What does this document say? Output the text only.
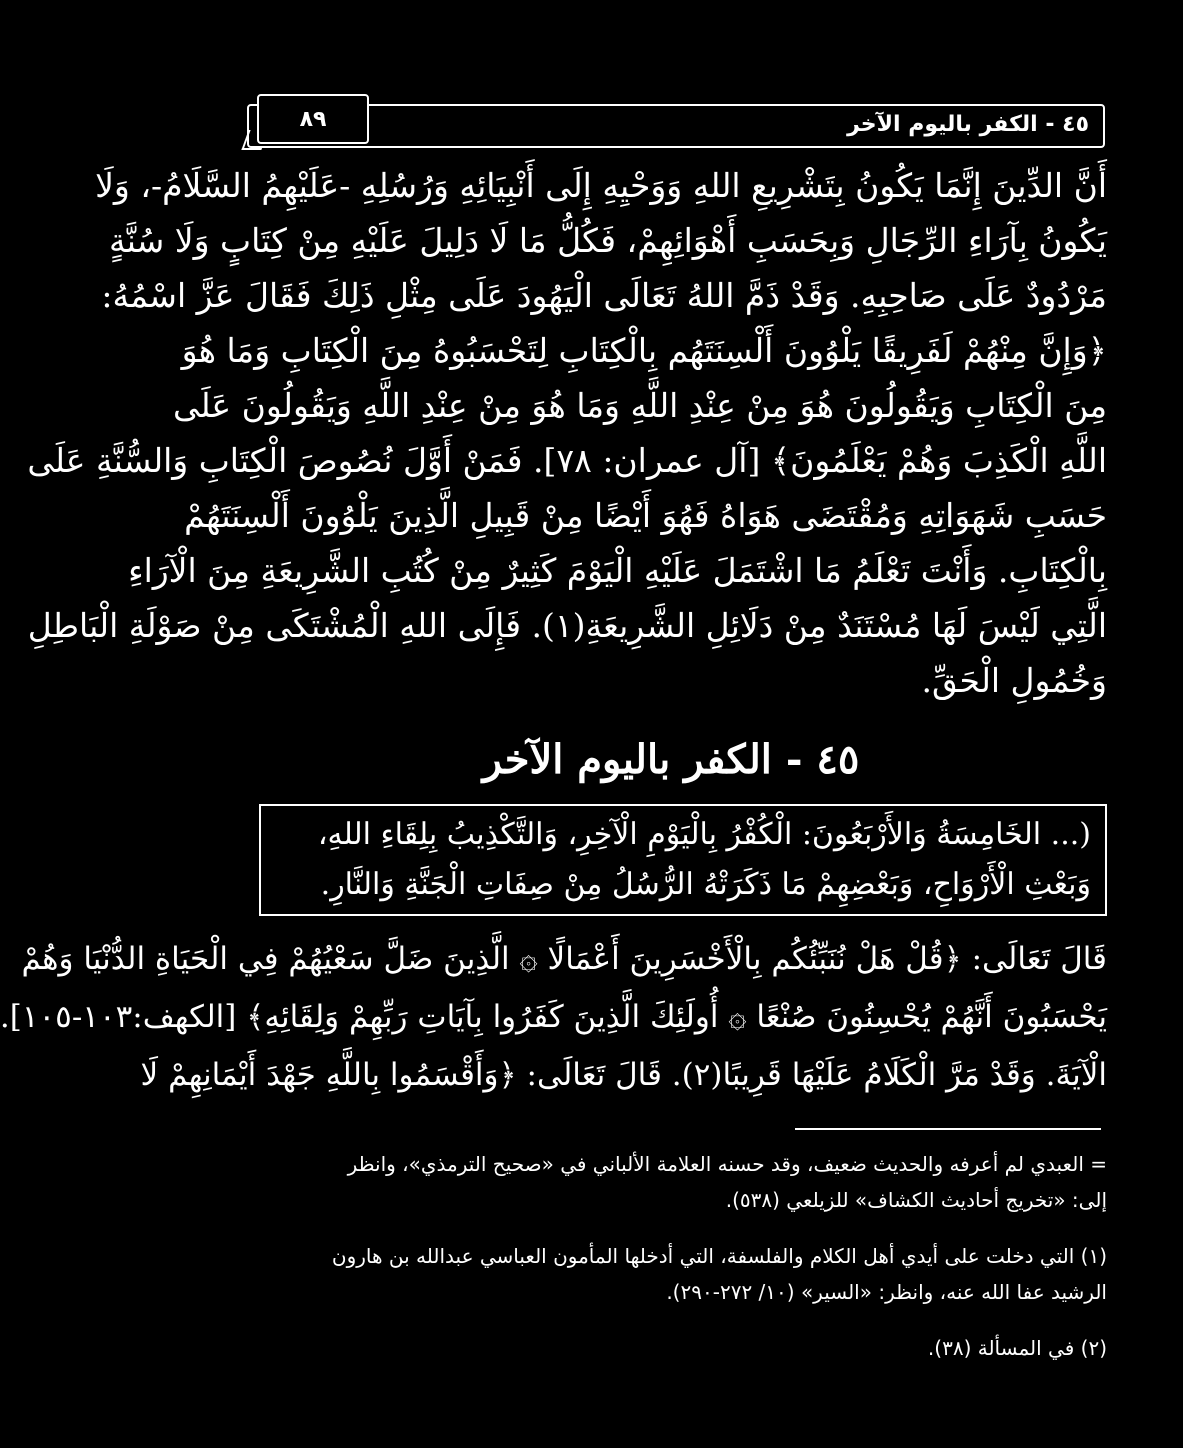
٤٥ - الكفر باليوم الآخر
٨٩
أَنَّ الدِّينَ إِنَّمَا يَكُونُ بِتَشْرِيعِ اللهِ وَوَحْيِهِ إِلَى أَنْبِيَائِهِ وَرُسُلِهِ -عَلَيْهِمُ السَّلَامُ-، وَلَا
يَكُونُ بِآرَاءِ الرِّجَالِ وَبِحَسَبِ أَهْوَائِهِمْ، فَكُلُّ مَا لَا دَلِيلَ عَلَيْهِ مِنْ كِتَابٍ وَلَا سُنَّةٍ
مَرْدُودٌ عَلَى صَاحِبِهِ. وَقَدْ ذَمَّ اللهُ تَعَالَى الْيَهُودَ عَلَى مِثْلِ ذَلِكَ فَقَالَ عَزَّ اسْمُهُ:
﴿وَإِنَّ مِنْهُمْ لَفَرِيقًا يَلْوُونَ أَلْسِنَتَهُم بِالْكِتَابِ لِتَحْسَبُوهُ مِنَ الْكِتَابِ وَمَا هُوَ
مِنَ الْكِتَابِ وَيَقُولُونَ هُوَ مِنْ عِنْدِ اللَّهِ وَمَا هُوَ مِنْ عِنْدِ اللَّهِ وَيَقُولُونَ عَلَى
اللَّهِ الْكَذِبَ وَهُمْ يَعْلَمُونَ﴾ [آل عمران: ٧٨]. فَمَنْ أَوَّلَ نُصُوصَ الْكِتَابِ وَالسُّنَّةِ عَلَى
حَسَبِ شَهَوَاتِهِ وَمُقْتَضَى هَوَاهُ فَهُوَ أَيْضًا مِنْ قَبِيلِ الَّذِينَ يَلْوُونَ أَلْسِنَتَهُمْ
بِالْكِتَابِ. وَأَنْتَ تَعْلَمُ مَا اشْتَمَلَ عَلَيْهِ الْيَوْمَ كَثِيرٌ مِنْ كُتُبِ الشَّرِيعَةِ مِنَ الْآرَاءِ
الَّتِي لَيْسَ لَهَا مُسْتَنَدٌ مِنْ دَلَائِلِ الشَّرِيعَةِ(١). فَإِلَى اللهِ الْمُشْتَكَى مِنْ صَوْلَةِ الْبَاطِلِ
وَخُمُولِ الْحَقِّ.
٤٥ - الكفر باليوم الآخر
(... الخَامِسَةُ وَالأَرْبَعُونَ: الْكُفْرُ بِالْيَوْمِ الْآخِرِ، وَالتَّكْذِيبُ بِلِقَاءِ اللهِ،
وَبَعْثِ الْأَرْوَاحِ، وَبَعْضِهِمْ مَا ذَكَرَتْهُ الرُّسُلُ مِنْ صِفَاتِ الْجَنَّةِ وَالنَّارِ.
قَالَ تَعَالَى: ﴿قُلْ هَلْ نُنَبِّئُكُم بِالْأَخْسَرِينَ أَعْمَالًا ۞ الَّذِينَ ضَلَّ سَعْيُهُمْ فِي الْحَيَاةِ الدُّنْيَا وَهُمْ
يَحْسَبُونَ أَنَّهُمْ يُحْسِنُونَ صُنْعًا ۞ أُولَئِكَ الَّذِينَ كَفَرُوا بِآيَاتِ رَبِّهِمْ وَلِقَائِهِ﴾ [الكهف:١٠٣-١٠٥].
الْآيَةَ. وَقَدْ مَرَّ الْكَلَامُ عَلَيْهَا قَرِيبًا(٢). قَالَ تَعَالَى: ﴿وَأَقْسَمُوا بِاللَّهِ جَهْدَ أَيْمَانِهِمْ لَا
= العبدي لم أعرفه والحديث ضعيف، وقد حسنه العلامة الألباني في «صحيح الترمذي»، وانظر
إلى: «تخريج أحاديث الكشاف» للزيلعي (٥٣٨).
(١) التي دخلت على أيدي أهل الكلام والفلسفة، التي أدخلها المأمون العباسي عبدالله بن هارون
الرشيد عفا الله عنه، وانظر: «السير» (١٠/ ٢٧٢-٢٩٠).
(٢) في المسألة (٣٨).
